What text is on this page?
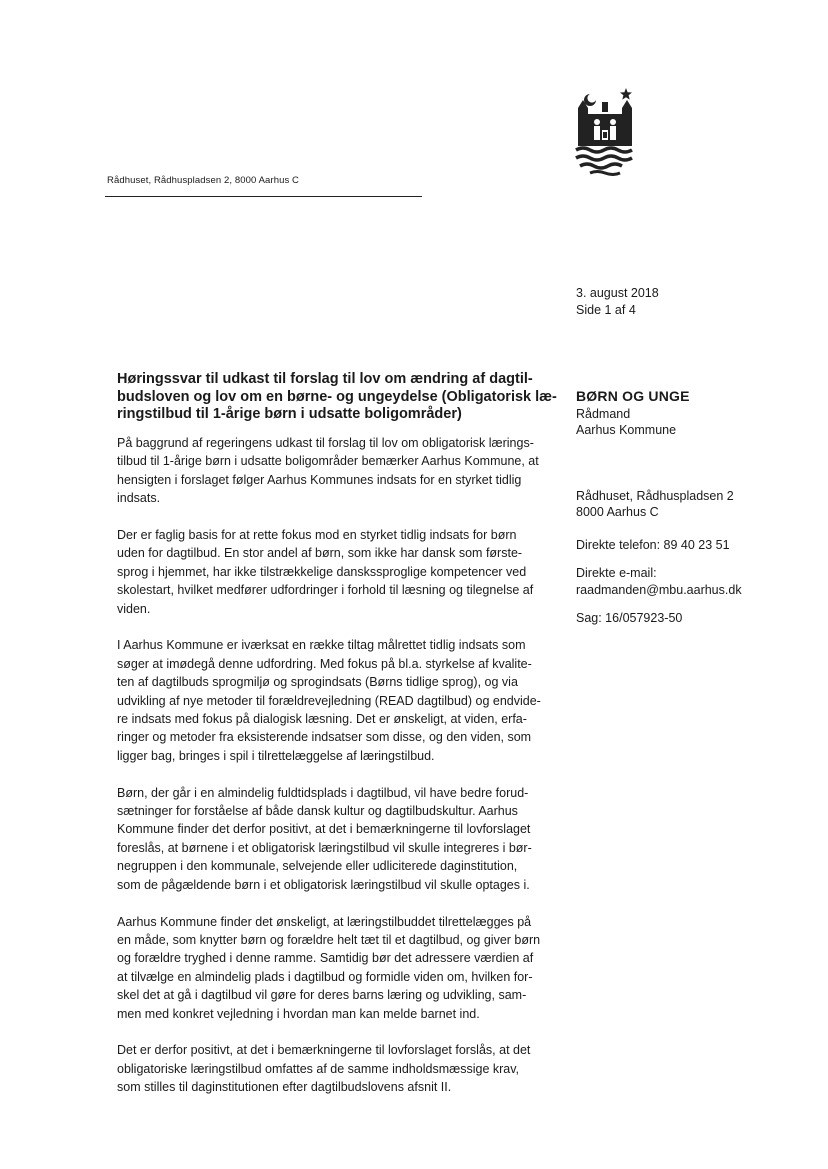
Rådhuset, Rådhuspladsen 2, 8000 Aarhus C
3. august 2018
Side 1 af 4
BØRN OG UNGE
Rådmand
Aarhus Kommune
Rådhuset, Rådhuspladsen 2
8000 Aarhus C
Direkte telefon: 89 40 23 51
Direkte e-mail:
raadmanden@mbu.aarhus.dk
Sag: 16/057923-50
Høringssvar til udkast til forslag til lov om ændring af dagtil-
budsloven og lov om en børne- og ungeydelse (Obligatorisk læ-
ringstilbud til 1-årige børn i udsatte boligområder)

På baggrund af regeringens udkast til forslag til lov om obligatorisk lærings-
tilbud til 1-årige børn i udsatte boligområder bemærker Aarhus Kommune, at
hensigten i forslaget følger Aarhus Kommunes indsats for en styrket tidlig
indsats.

Der er faglig basis for at rette fokus mod en styrket tidlig indsats for børn
uden for dagtilbud. En stor andel af børn, som ikke har dansk som første-
sprog i hjemmet, har ikke tilstrækkelige danskssproglige kompetencer ved
skolestart, hvilket medfører udfordringer i forhold til læsning og tilegnelse af
viden.

I Aarhus Kommune er iværksat en række tiltag målrettet tidlig indsats som
søger at imødegå denne udfordring. Med fokus på bl.a. styrkelse af kvalite-
ten af dagtilbuds sprogmiljø og sprogindsats (Børns tidlige sprog), og via
udvikling af nye metoder til forældrevejledning (READ dagtilbud) og endvide-
re indsats med fokus på dialogisk læsning. Det er ønskeligt, at viden, erfa-
ringer og metoder fra eksisterende indsatser som disse, og den viden, som
ligger bag, bringes i spil i tilrettelæggelse af læringstilbud.

Børn, der går i en almindelig fuldtidsplads i dagtilbud, vil have bedre forud-
sætninger for forståelse af både dansk kultur og dagtilbudskultur. Aarhus
Kommune finder det derfor positivt, at det i bemærkningerne til lovforslaget
foreslås, at børnene i et obligatorisk læringstilbud vil skulle integreres i bør-
negruppen i den kommunale, selvejende eller udliciterede daginstitution,
som de pågældende børn i et obligatorisk læringstilbud vil skulle optages i.

Aarhus Kommune finder det ønskeligt, at læringstilbuddet tilrettelægges på
en måde, som knytter børn og forældre helt tæt til et dagtilbud, og giver børn
og forældre tryghed i denne ramme. Samtidig bør det adressere værdien af
at tilvælge en almindelig plads i dagtilbud og formidle viden om, hvilken for-
skel det at gå i dagtilbud vil gøre for deres barns læring og udvikling, sam-
men med konkret vejledning i hvordan man kan melde barnet ind.

Det er derfor positivt, at det i bemærkningerne til lovforslaget forslås, at det
obligatoriske læringstilbud omfattes af de samme indholdsmæssige krav,
som stilles til daginstitutionen efter dagtilbudslovens afsnit II.
